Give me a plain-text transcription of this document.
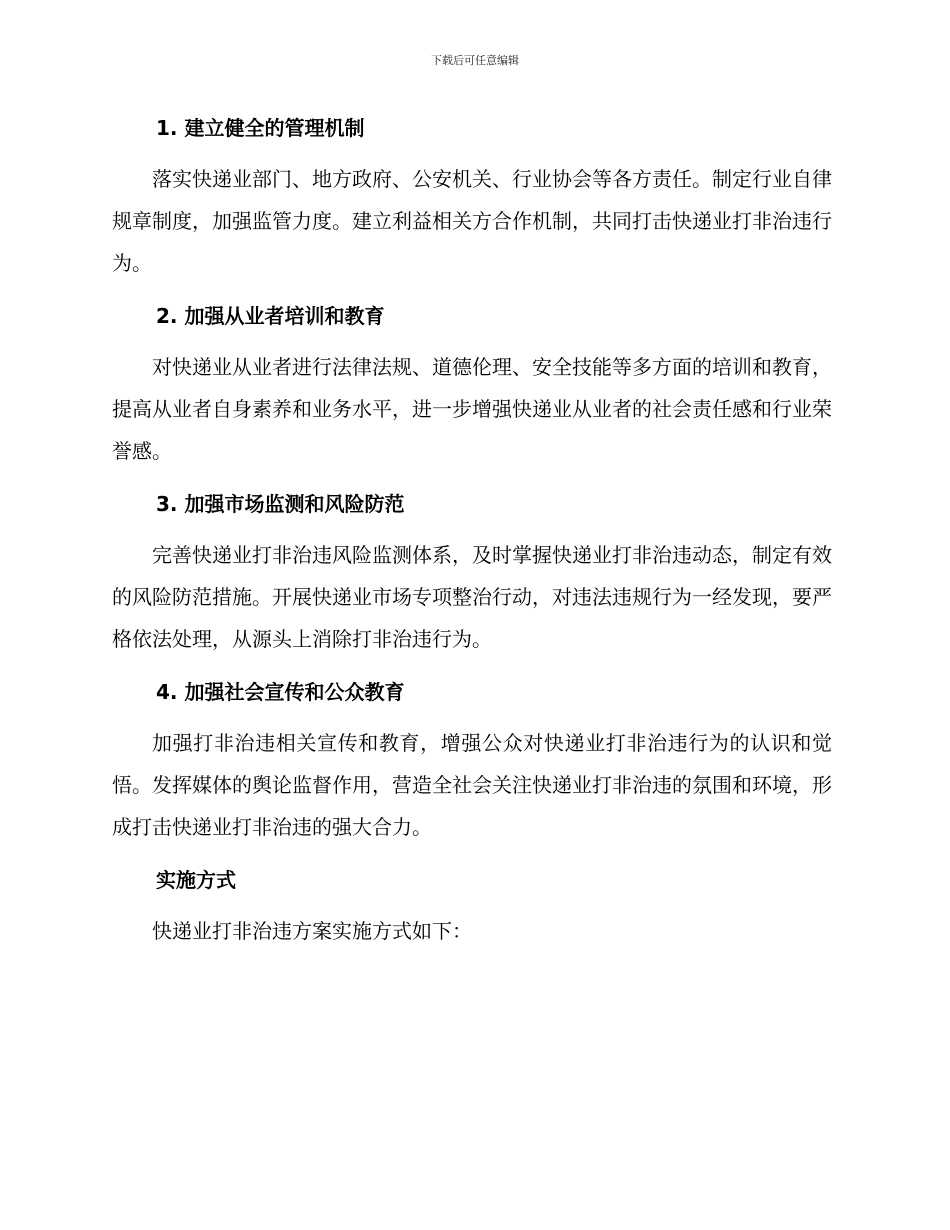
下载后可任意编辑
1. 建立健全的管理机制

落实快递业部门、地方政府、公安机关、行业协会等各方责任。制定行业自律规章制度，加强监管力度。建立利益相关方合作机制，共同打击快递业打非治违行为。

2. 加强从业者培训和教育

对快递业从业者进行法律法规、道德伦理、安全技能等多方面的培训和教育，提高从业者自身素养和业务水平，进一步增强快递业从业者的社会责任感和行业荣誉感。

3. 加强市场监测和风险防范

完善快递业打非治违风险监测体系，及时掌握快递业打非治违动态，制定有效的风险防范措施。开展快递业市场专项整治行动，对违法违规行为一经发现，要严格依法处理，从源头上消除打非治违行为。

4. 加强社会宣传和公众教育

加强打非治违相关宣传和教育，增强公众对快递业打非治违行为的认识和觉悟。发挥媒体的舆论监督作用，营造全社会关注快递业打非治违的氛围和环境，形成打击快递业打非治违的强大合力。

实施方式

快递业打非治违方案实施方式如下：
